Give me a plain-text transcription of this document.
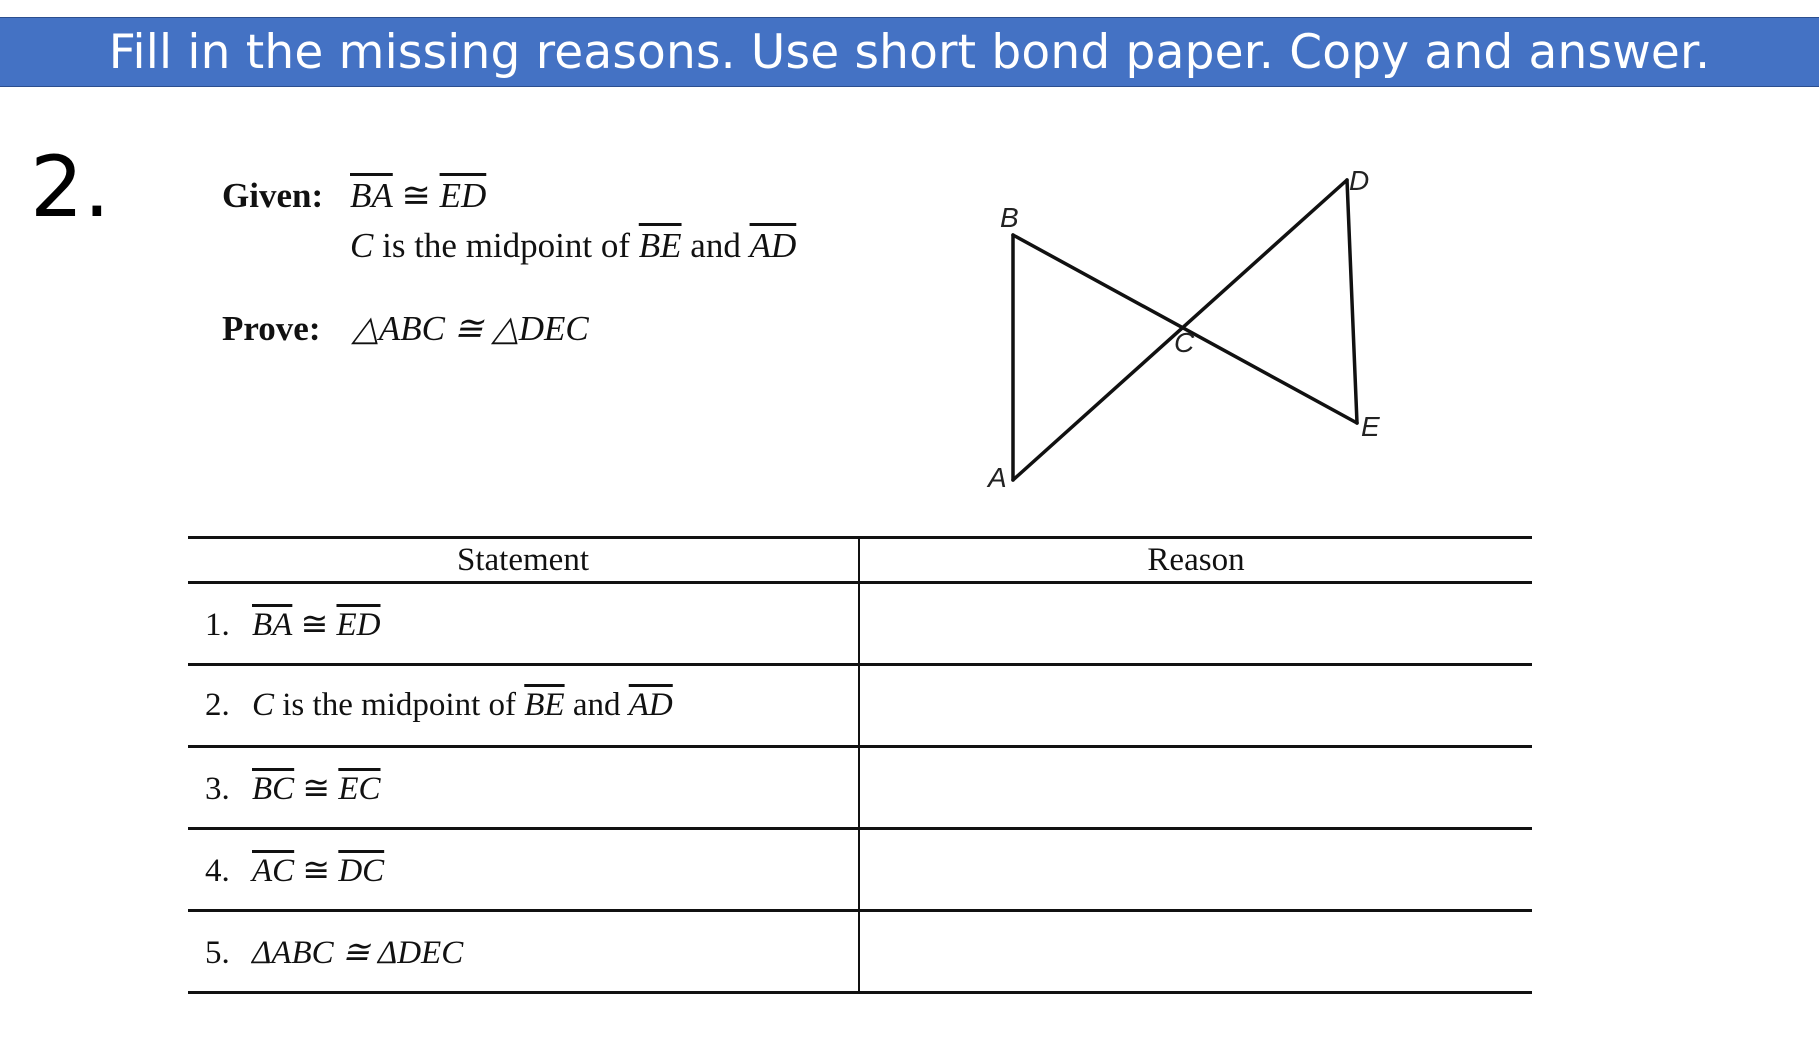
Fill in the missing reasons. Use short bond paper. Copy and answer.
2.	Given: $\overline{BA}$ ≅ $\overline{ED}$
C is the midpoint of $\overline{BE}$ and $\overline{AD}$
Prove: △ABC ≅ △DEC
A
B
C
D
E
Statement	Reason
1. $\overline{BA}$ ≅ $\overline{ED}$	
2. C is the midpoint of $\overline{BE}$ and $\overline{AD}$	
3. $\overline{BC}$ ≅ $\overline{EC}$	
4. $\overline{AC}$ ≅ $\overline{DC}$	
5. ΔABC ≅ ΔDEC	
